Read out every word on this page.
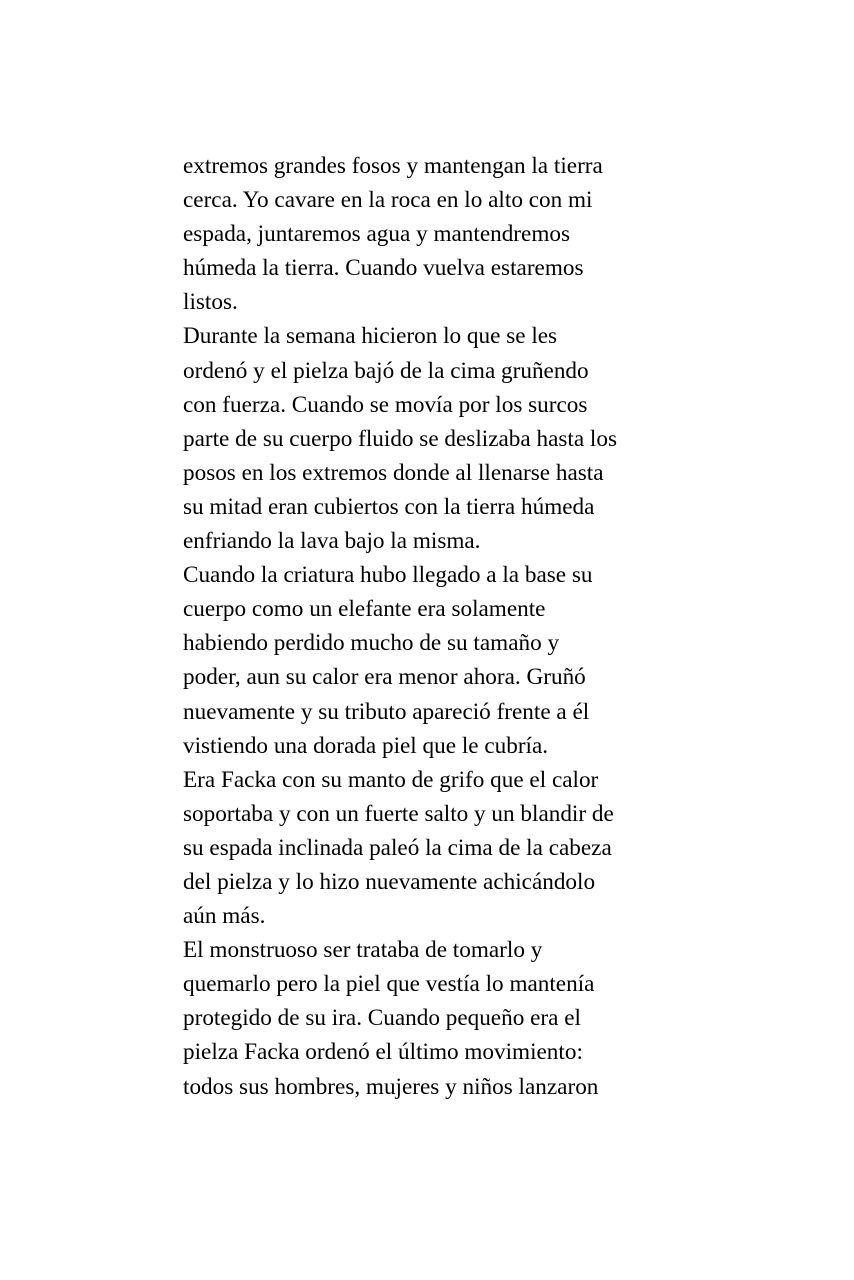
extremos grandes fosos y mantengan la tierra
cerca. Yo cavare en la roca en lo alto con mi
espada, juntaremos agua y mantendremos
húmeda la tierra. Cuando vuelva estaremos
listos.
Durante la semana hicieron lo que se les
ordenó y el pielza bajó de la cima gruñendo
con fuerza. Cuando se movía por los surcos
parte de su cuerpo fluido se deslizaba hasta los
posos en los extremos donde al llenarse hasta
su mitad eran cubiertos con la tierra húmeda
enfriando la lava bajo la misma.
Cuando la criatura hubo llegado a la base su
cuerpo como un elefante era solamente
habiendo perdido mucho de su tamaño y
poder, aun su calor era menor ahora. Gruñó
nuevamente y su tributo apareció frente a él
vistiendo una dorada piel que le cubría.
Era Facka con su manto de grifo que el calor
soportaba y con un fuerte salto y un blandir de
su espada inclinada paleó la cima de la cabeza
del pielza y lo hizo nuevamente achicándolo
aún más.
El monstruoso ser trataba de tomarlo y
quemarlo pero la piel que vestía lo mantenía
protegido de su ira. Cuando pequeño era el
pielza Facka ordenó el último movimiento:
todos sus hombres, mujeres y niños lanzaron
